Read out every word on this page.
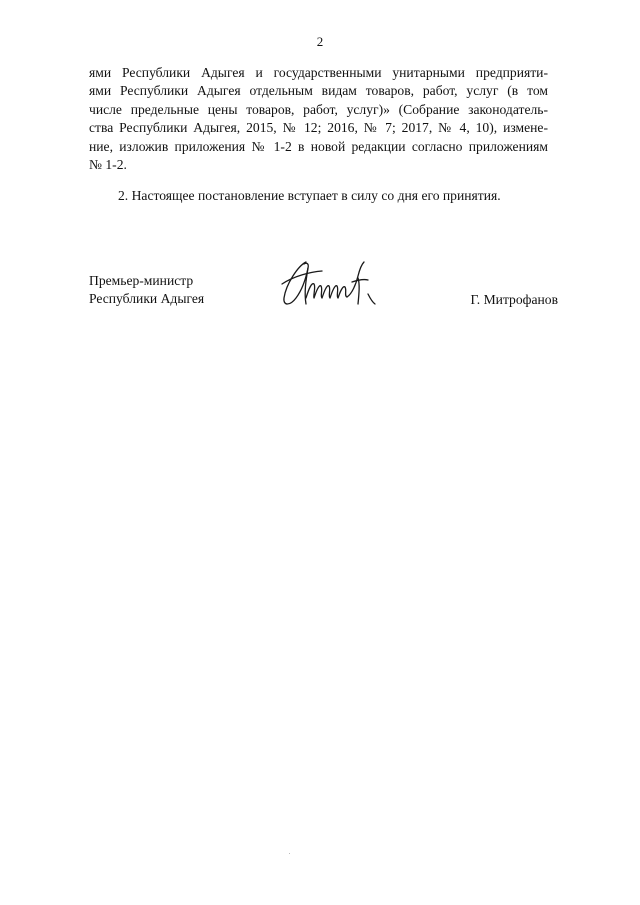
2
ями Республики Адыгея и государственными унитарными предприяти-
ями Республики Адыгея отдельным видам товаров, работ, услуг (в том
числе предельные цены товаров, работ, услуг)» (Собрание законодатель-
ства Республики Адыгея, 2015, № 12; 2016, № 7; 2017, № 4, 10), измене-
ние, изложив приложения № 1-2 в новой редакции согласно приложениям
№ 1-2.
2. Настоящее постановление вступает в силу со дня его принятия.
Премьер-министр
Республики Адыгея	Г. Митрофанов
